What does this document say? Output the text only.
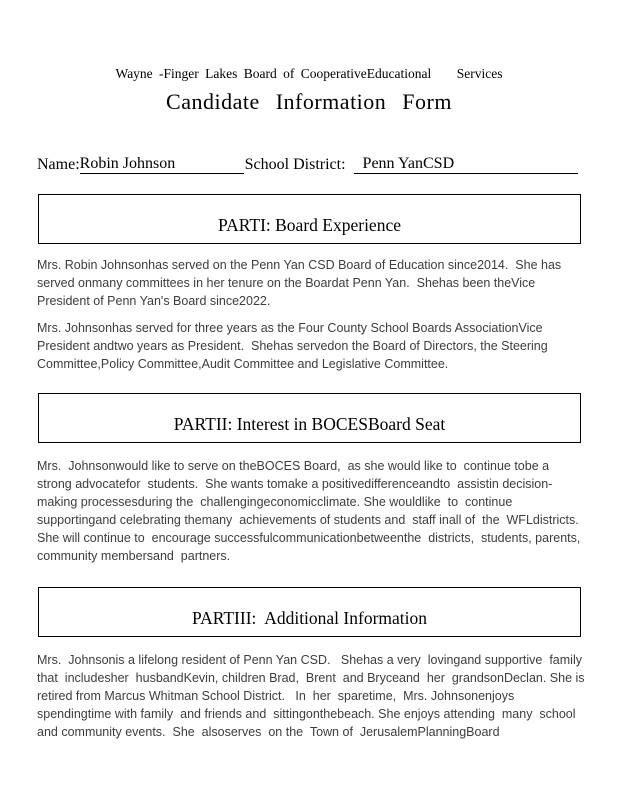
Wayne -Finger Lakes Board of CooperativeEducational    Services
Candidate Information Form
Name:Robin Johnson	School District: Penn YanCSD
PARTI: Board Experience

Mrs. Robin Johnsonhas served on the Penn Yan CSD Board of Education since2014.  She has served onmany committees in her tenure on the Boardat Penn Yan.  Shehas been theVice President of Penn Yan's Board since2022.

Mrs. Johnsonhas served for three years as the Four County School Boards AssociationVice President andtwo years as President.  Shehas servedon the Board of Directors, the Steering Committee,Policy Committee,Audit Committee and Legislative Committee.

PARTII: Interest in BOCESBoard Seat

Mrs.  Johnsonwould like to serve on theBOCES Board,  as she would like to  continue tobe a strong advocatefor  students.  She wants tomake a positivedifferenceandto  assistin decision-    making processesduring the  challengingeconomicclimate. She wouldlike  to  continue supportingand celebrating themany  achievements of students and  staff inall of  the  WFLdistricts.  She will continue to  encourage successfulcommunicationbetweenthe  districts,  students, parents,  community membersand  partners.

PARTIII:  Additional Information

Mrs.  Johnsonis a lifelong resident of Penn Yan CSD.   Shehas a very  lovingand supportive  family that  includesher  husbandKevin, children Brad,  Brent  and Bryceand  her  grandsonDeclan. She is retired from Marcus Whitman School District.   In  her  sparetime,  Mrs. Johnsonenjoys  spendingtime with family  and friends and  sittingonthebeach. She enjoys attending  many  school and community events.  She  alsoserves  on the  Town of  JerusalemPlanningBoard
